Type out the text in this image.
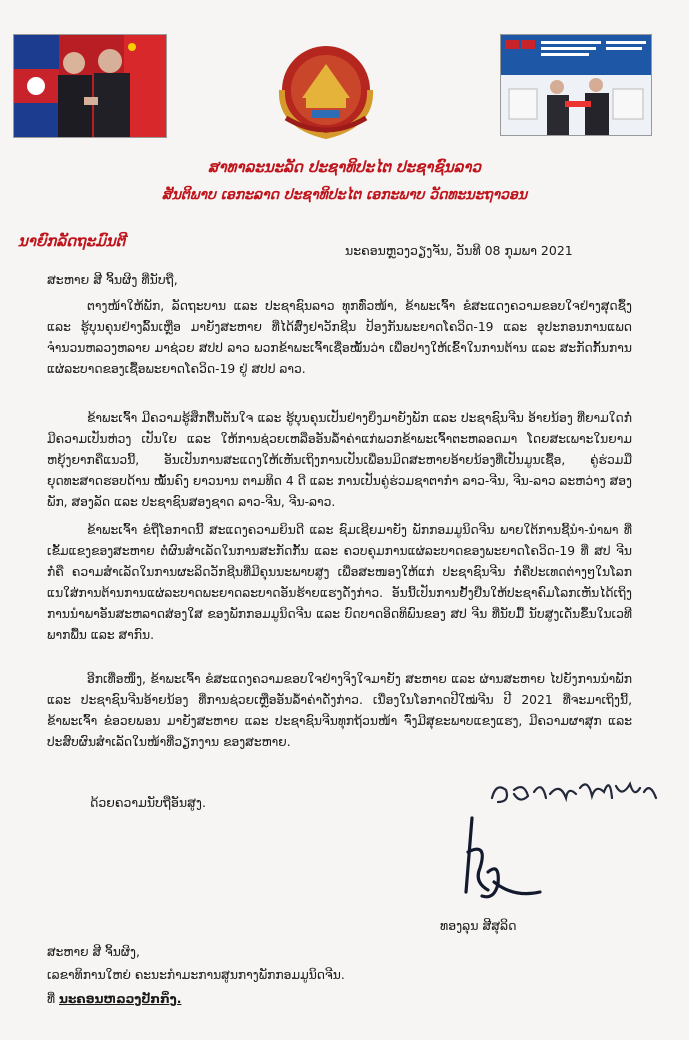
ສາທາລະນະລັດ ປະຊາທິປະໄຕ ປະຊາຊົນລາວ
ສັນຕິພາບ ເອກະລາດ ປະຊາທິປະໄຕ ເອກະພາບ ວັດທະນະຖາວອນ
ນາຍົກລັດຖະມົນຕີ
ນະຄອນຫຼວງວຽງຈັນ, ວັນທີ 08 ກຸມພາ 2021
ສະຫາຍ ສີ ຈິ້ນຜິງ ທີ່ນັບຖື,

ຕາງໜ້າໃຫ້ພັກ, ລັດຖະບານ ແລະ ປະຊາຊົນລາວ ທຸກທົ່ວໜ້າ, ຂ້າພະເຈົ້າ ຂໍສະແດງຄວາມຂອບໃຈຢ່າງສຸດຊຶ້ງ ແລະ ຮູ້ບຸນຄຸນຢ່າງລົ້ນເຫຼືອ ມາຍັງສະຫາຍ ທີ່ໄດ້ສົ່ງຢາວັກຊີນ ປ້ອງກັນພະຍາດໂຄວິດ-19 ແລະ ອຸປະກອນການແພດຈຳນວນຫລວງຫລາຍ ມາຊ່ວຍ ສປປ ລາວ ພວກຂ້າພະເຈົ້າເຊື່ອໝັ້ນວ່າ ເພື່ອປາງໃຫ້ເຂົ້າໃນການຕ້ານ ແລະ ສະກັດກັ້ນການແຜ່ລະບາດຂອງເຊື້ອພະຍາດໂຄວິດ-19 ຢູ່ ສປປ ລາວ.

ຂ້າພະເຈົ້າ ມີຄວາມຮູ້ສຶກຕື້ນຕັນໃຈ ແລະ ຮູ້ບຸນຄຸນເປັນຢ່າງຍິ່ງມາຍັງພັກ ແລະ ປະຊາຊົນຈີນ ອ້າຍນ້ອງ ທີ່ຍາມໃດກໍ່ມີຄວາມເປັນຫ່ວງ ເປັນໃຍ ແລະ ໃຫ້ການຊ່ວຍເຫລືອອັນລ້ຳຄ່າແກ່ພວກຂ້າພະເຈົ້າຕະຫລອດມາ ໂດຍສະເພາະໃນຍາມຫຍຸ້ງຍາກຄືແນວນີ້, ອັນເປັນການສະແດງໃຫ້ເຫັນເຖິງການເປັນເພື່ອນມິດສະຫາຍອ້າຍນ້ອງທີ່ເປັນມູນເຊື້ອ, ຄູ່ຮ່ວມມືຍຸດທະສາດຮອບດ້ານ ໝັ້ນຄົງ ຍາວນານ ຕາມທິດ 4 ດີ ແລະ ການເປັນຄູ່ຮ່ວມຊາຕາກຳ ລາວ-ຈີນ, ຈີນ-ລາວ ລະຫວ່າງ ສອງພັກ, ສອງລັດ ແລະ ປະຊາຊົນສອງຊາດ ລາວ-ຈີນ, ຈີນ-ລາວ.

ຂ້າພະເຈົ້າ ຂໍຖືໂອກາດນີ້ ສະແດງຄວາມຍິນດີ ແລະ ຊົມເຊີຍມາຍັງ ພັກກອມມູນິດຈີນ ພາຍໃຕ້ການຊີ້ນຳ-ນຳພາ ທີ່ເຂັ້ມແຂງຂອງສະຫາຍ ຕໍ່ຜົນສຳເລັດໃນການສະກັດກັ້ນ ແລະ ຄວບຄຸມການແຜ່ລະບາດຂອງພະຍາດໂຄວິດ-19 ທີ່ ສປ ຈີນ ກໍ່ຄື ຄວາມສຳເລັດໃນການຜະລິດວັກຊີນທີ່ມີຄຸນນະພາບສູງ ເພື່ອສະໜອງໃຫ້ແກ່ ປະຊາຊົນຈີນ ກໍ່ຄືປະເທດຕ່າງໆໃນໂລກ ແນໃສ່ການຕ້ານການແຜ່ລະບາດພະຍາດລະບາດອັນຮ້າຍແຮງດັ່ງກ່າວ. ອັນນີ້ເປັນການຢັ້ງຢືນໃຫ້ປະຊາຄົມໂລກເຫັນໄດ້ເຖິງ ການນຳພາອັນສະຫລາດສ່ອງໃສ ຂອງພັກກອມມູນິດຈີນ ແລະ ບົດບາດອິດທິພົນຂອງ ສປ ຈີນ ທີ່ນັບມື້ ນັບສູງເດັ່ນຂຶ້ນໃນເວທີພາກພື້ນ ແລະ ສາກົນ.

ອີກເທື່ອໜຶ່ງ, ຂ້າພະເຈົ້າ ຂໍສະແດງຄວາມຂອບໃຈຢ່າງຈິງໃຈມາຍັງ ສະຫາຍ ແລະ ຜ່ານສະຫາຍ ໄປຍັງການນຳພັກ ແລະ ປະຊາຊົນຈີນອ້າຍນ້ອງ ທີ່ການຊ່ວຍເຫຼືອອັນລ້ຳຄ່າດັ່ງກ່າວ. ເນື່ອງໃນໂອກາດປີໃໝ່ຈີນ ປີ 2021 ທີ່ຈະມາເຖິງນີ້, ຂ້າພະເຈົ້າ ຂໍອວຍພອນ ມາຍັງສະຫາຍ ແລະ ປະຊາຊົນຈີນທຸກຖ້ວນໜ້າ ຈົ່ງມີສຸຂະພາບແຂງແຮງ, ມີຄວາມຜາສຸກ ແລະ ປະສົບຜົນສຳເລັດໃນໜ້າທີ່ວຽກງານ ຂອງສະຫາຍ.

ດ້ວຍຄວາມນັບຖືອັນສູງ.
ທອງລຸນ ສີສຸລິດ
ສະຫາຍ ສີ ຈິ້ນຜິງ,
ເລຂາທິການໃຫຍ່ ຄະນະກຳມະການສູນກາງພັກກອມມູນິດຈີນ.
ທີ່ ນະຄອນຫລວງປັກກິ່ງ.
